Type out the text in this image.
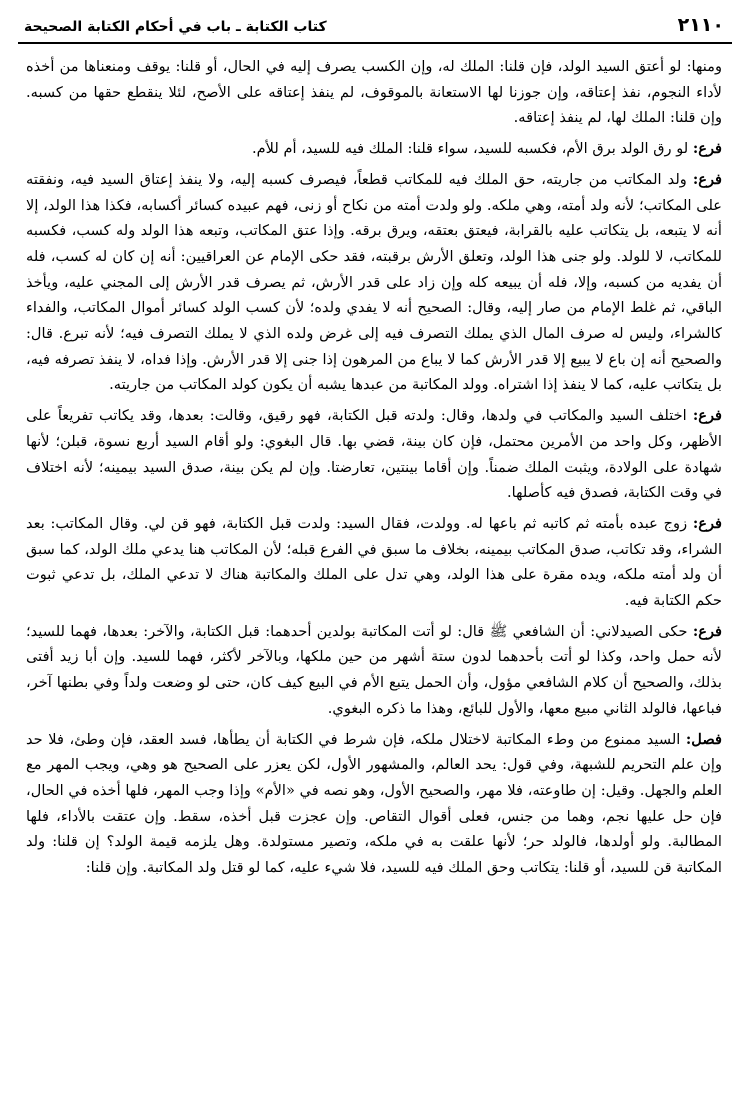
٢١١٠
كتاب الكتابة ـ باب في أحكام الكتابة الصحيحة

ومنها: لو أعتق السيد الولد، فإن قلنا: الملك له، وإن الكسب يصرف إليه في الحال، أو قلنا: يوقف ومنعناها من أخذه لأداء النجوم، نفذ إعتاقه، وإن جوزنا لها الاستعانة بالموقوف، لم ينفذ إعتاقه على الأصح، لئلا ينقطع حقها من كسبه. وإن قلنا: الملك لها، لم ينفذ إعتاقه.

فرع: لو رق الولد برق الأم، فكسبه للسيد، سواء قلنا: الملك فيه للسيد، أم للأم.

فرع: ولد المكاتب من جاريته، حق الملك فيه للمكاتب قطعاً، فيصرف كسبه إليه، ولا ينفذ إعتاق السيد فيه، ونفقته على المكاتب؛ لأنه ولد أمته، وهي ملكه. ولو ولدت أمته من نكاح أو زنى، فهم عبيده كسائر أكسابه، فكذا هذا الولد، إلا أنه لا يتبعه، بل يتكاتب عليه بالقرابة، فيعتق بعتقه، ويرق برقه. وإذا عتق المكاتب، وتبعه هذا الولد وله كسب، فكسبه للمكاتب، لا للولد. ولو جنى هذا الولد، وتعلق الأرش برقبته، فقد حكى الإمام عن العراقيين: أنه إن كان له كسب، فله أن يفديه من كسبه، وإلا، فله أن يبيعه كله وإن زاد على قدر الأرش، ثم يصرف قدر الأرش إلى المجني عليه، ويأخذ الباقي، ثم غلط الإمام من صار إليه، وقال: الصحيح أنه لا يفدي ولده؛ لأن كسب الولد كسائر أموال المكاتب، والفداء كالشراء، وليس له صرف المال الذي يملك التصرف فيه إلى غرض ولده الذي لا يملك التصرف فيه؛ لأنه تبرع. قال: والصحيح أنه إن باع لا يبيع إلا قدر الأرش كما لا يباع من المرهون إذا جنى إلا قدر الأرش. وإذا فداه، لا ينفذ تصرفه فيه، بل يتكاتب عليه، كما لا ينفذ إذا اشتراه. وولد المكاتبة من عبدها يشبه أن يكون كولد المكاتب من جاريته.

فرع: اختلف السيد والمكاتب في ولدها، وقال: ولدته قبل الكتابة، فهو رقيق، وقالت: بعدها، وقد يكاتب تفريعاً على الأظهر، وكل واحد من الأمرين محتمل، فإن كان بينة، قضي بها. قال البغوي: ولو أقام السيد أربع نسوة، قبلن؛ لأنها شهادة على الولادة، ويثبت الملك ضمناً. وإن أقاما بينتين، تعارضتا. وإن لم يكن بينة، صدق السيد بيمينه؛ لأنه اختلاف في وقت الكتابة، فصدق فيه كأصلها.

فرع: زوج عبده بأمته ثم كاتبه ثم باعها له. وولدت، فقال السيد: ولدت قبل الكتابة، فهو قن لي. وقال المكاتب: بعد الشراء، وقد تكاتب، صدق المكاتب بيمينه، بخلاف ما سبق في الفرع قبله؛ لأن المكاتب هنا يدعي ملك الولد، كما سبق أن ولد أمته ملكه، ويده مقرة على هذا الولد، وهي تدل على الملك والمكاتبة هناك لا تدعي الملك، بل تدعي ثبوت حكم الكتابة فيه.

فرع: حكى الصيدلاني: أن الشافعي ﷺ قال: لو أتت المكاتبة بولدين أحدهما: قبل الكتابة، والآخر: بعدها، فهما للسيد؛ لأنه حمل واحد، وكذا لو أتت بأحدهما لدون ستة أشهر من حين ملكها، وبالآخر لأكثر، فهما للسيد. وإن أبا زيد أفتى بذلك، والصحيح أن كلام الشافعي مؤول، وأن الحمل يتبع الأم في البيع كيف كان، حتى لو وضعت ولداً وفي بطنها آخر، فباعها، فالولد الثاني مبيع معها، والأول للبائع، وهذا ما ذكره البغوي.

فصل: السيد ممنوع من وطء المكاتبة لاختلال ملكه، فإن شرط في الكتابة أن يطأها، فسد العقد، فإن وطئ، فلا حد وإن علم التحريم للشبهة، وفي قول: يحد العالم، والمشهور الأول، لكن يعزر على الصحيح هو وهي، ويجب المهر مع العلم والجهل. وقيل: إن طاوعته، فلا مهر، والصحيح الأول، وهو نصه في «الأم» وإذا وجب المهر، فلها أخذه في الحال، فإن حل عليها نجم، وهما من جنس، فعلى أقوال التقاص. وإن عجزت قبل أخذه، سقط. وإن عتقت بالأداء، فلها المطالبة. ولو أولدها، فالولد حر؛ لأنها علقت به في ملكه، وتصير مستولدة. وهل يلزمه قيمة الولد؟ إن قلنا: ولد المكاتبة قن للسيد، أو قلنا: يتكاتب وحق الملك فيه للسيد، فلا شيء عليه، كما لو قتل ولد المكاتبة. وإن قلنا:
